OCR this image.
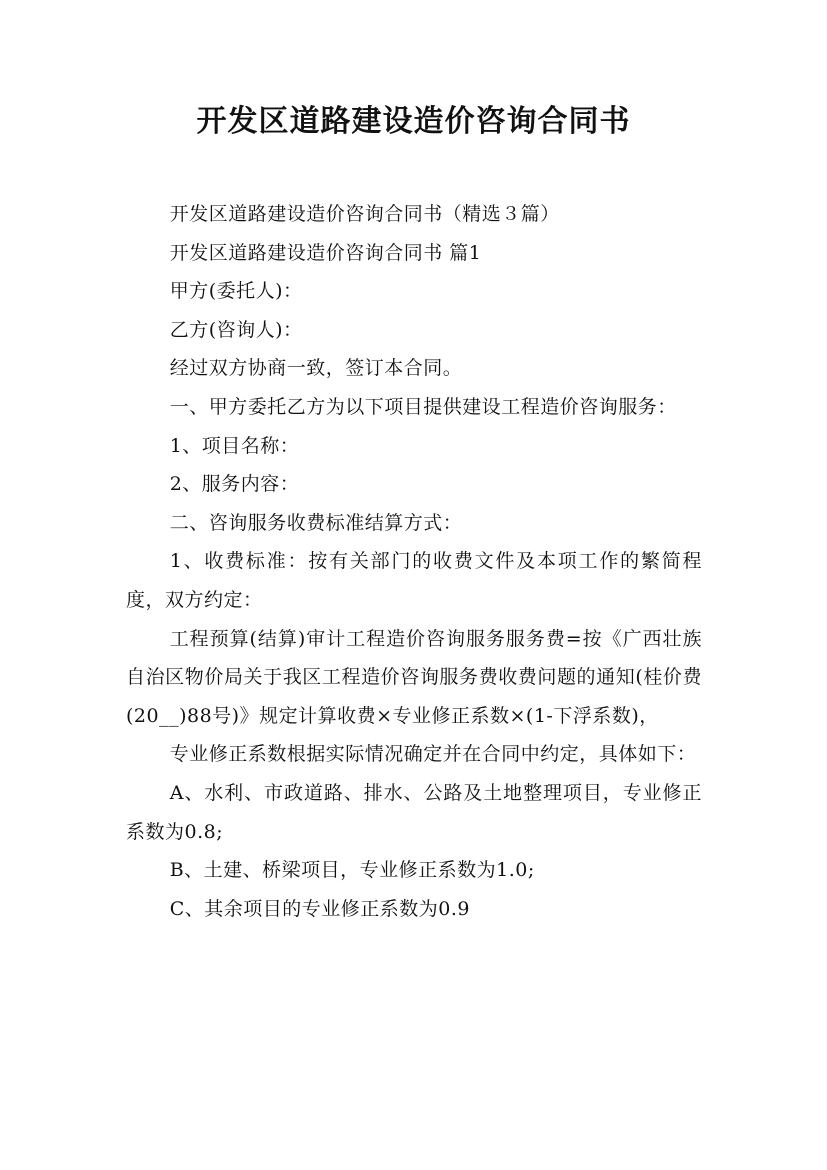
开发区道路建设造价咨询合同书

开发区道路建设造价咨询合同书（精选３篇）

开发区道路建设造价咨询合同书 篇1

甲方(委托人)：

乙方(咨询人)：

经过双方协商一致，签订本合同。

一、甲方委托乙方为以下项目提供建设工程造价咨询服务：

1、项目名称：

2、服务内容：

二、咨询服务收费标准结算方式：

1、收费标准：按有关部门的收费文件及本项工作的繁简程度，双方约定：

工程预算(结算)审计工程造价咨询服务服务费=按《广西壮族自治区物价局关于我区工程造价咨询服务费收费问题的通知(桂价费(20__)88号)》规定计算收费×专业修正系数×(1-下浮系数)，

专业修正系数根据实际情况确定并在合同中约定，具体如下：

A、水利、市政道路、排水、公路及土地整理项目，专业修正系数为0.8;

B、土建、桥梁项目，专业修正系数为1.0;

C、其余项目的专业修正系数为0.9
